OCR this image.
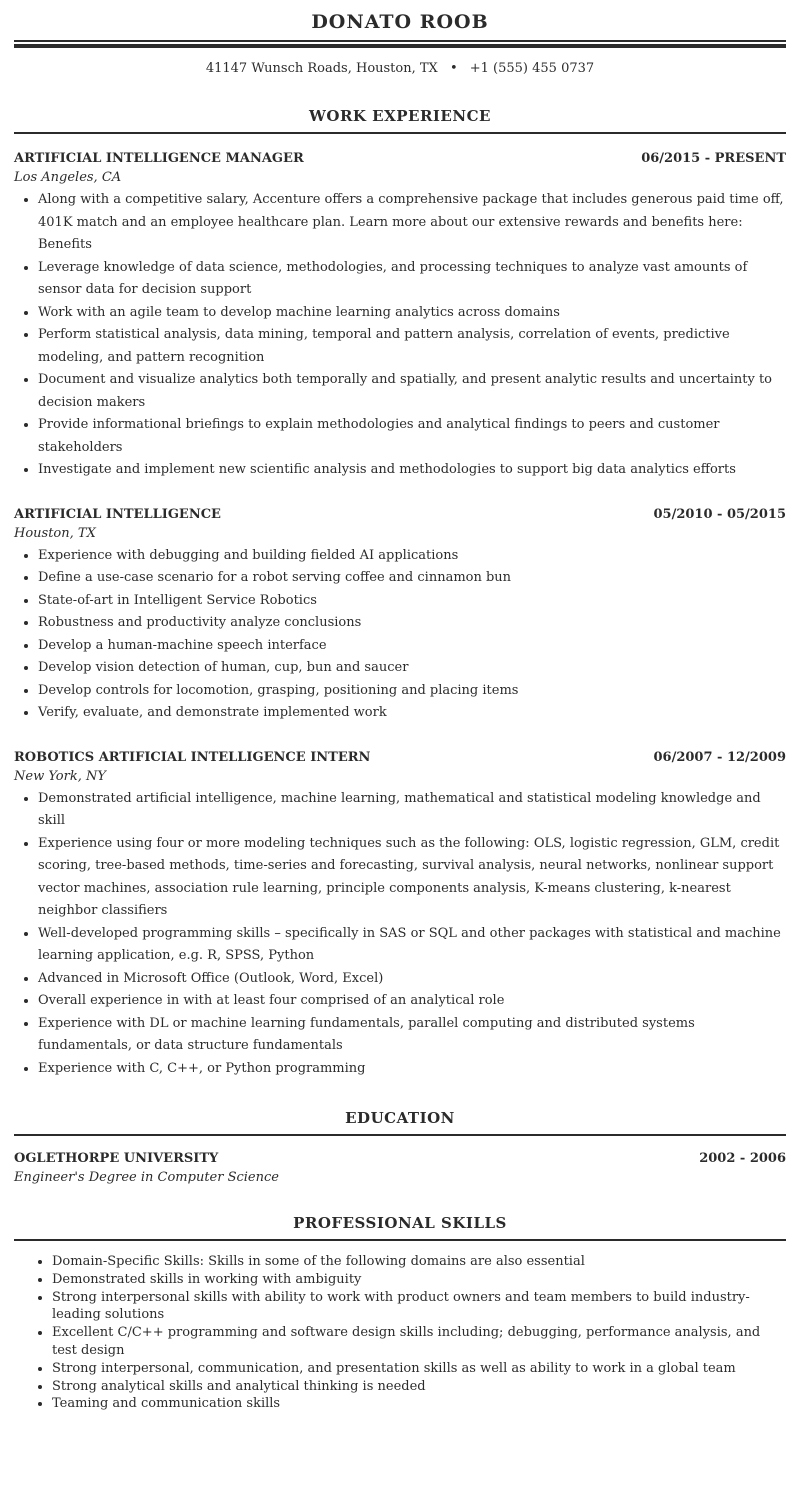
DONATO ROOB
41147 Wunsch Roads, Houston, TX • +1 (555) 455 0737
WORK EXPERIENCE
ARTIFICIAL INTELLIGENCE MANAGER	06/2015 - PRESENT
Los Angeles, CA
• Along with a competitive salary, Accenture offers a comprehensive package that includes generous paid time off, 401K match and an employee healthcare plan. Learn more about our extensive rewards and benefits here: Benefits
• Leverage knowledge of data science, methodologies, and processing techniques to analyze vast amounts of sensor data for decision support
• Work with an agile team to develop machine learning analytics across domains
• Perform statistical analysis, data mining, temporal and pattern analysis, correlation of events, predictive modeling, and pattern recognition
• Document and visualize analytics both temporally and spatially, and present analytic results and uncertainty to decision makers
• Provide informational briefings to explain methodologies and analytical findings to peers and customer stakeholders
• Investigate and implement new scientific analysis and methodologies to support big data analytics efforts
ARTIFICIAL INTELLIGENCE	05/2010 - 05/2015
Houston, TX
• Experience with debugging and building fielded AI applications
• Define a use-case scenario for a robot serving coffee and cinnamon bun
• State-of-art in Intelligent Service Robotics
• Robustness and productivity analyze conclusions
• Develop a human-machine speech interface
• Develop vision detection of human, cup, bun and saucer
• Develop controls for locomotion, grasping, positioning and placing items
• Verify, evaluate, and demonstrate implemented work
ROBOTICS ARTIFICIAL INTELLIGENCE INTERN	06/2007 - 12/2009
New York, NY
• Demonstrated artificial intelligence, machine learning, mathematical and statistical modeling knowledge and skill
• Experience using four or more modeling techniques such as the following: OLS, logistic regression, GLM, credit scoring, tree-based methods, time-series and forecasting, survival analysis, neural networks, nonlinear support vector machines, association rule learning, principle components analysis, K-means clustering, k-nearest neighbor classifiers
• Well-developed programming skills – specifically in SAS or SQL and other packages with statistical and machine learning application, e.g. R, SPSS, Python
• Advanced in Microsoft Office (Outlook, Word, Excel)
• Overall experience in with at least four comprised of an analytical role
• Experience with DL or machine learning fundamentals, parallel computing and distributed systems fundamentals, or data structure fundamentals
• Experience with C, C++, or Python programming
EDUCATION
OGLETHORPE UNIVERSITY	2002 - 2006
Engineer's Degree in Computer Science
PROFESSIONAL SKILLS
• Domain-Specific Skills: Skills in some of the following domains are also essential
• Demonstrated skills in working with ambiguity
• Strong interpersonal skills with ability to work with product owners and team members to build industry-leading solutions
• Excellent C/C++ programming and software design skills including; debugging, performance analysis, and test design
• Strong interpersonal, communication, and presentation skills as well as ability to work in a global team
• Strong analytical skills and analytical thinking is needed
• Teaming and communication skills
